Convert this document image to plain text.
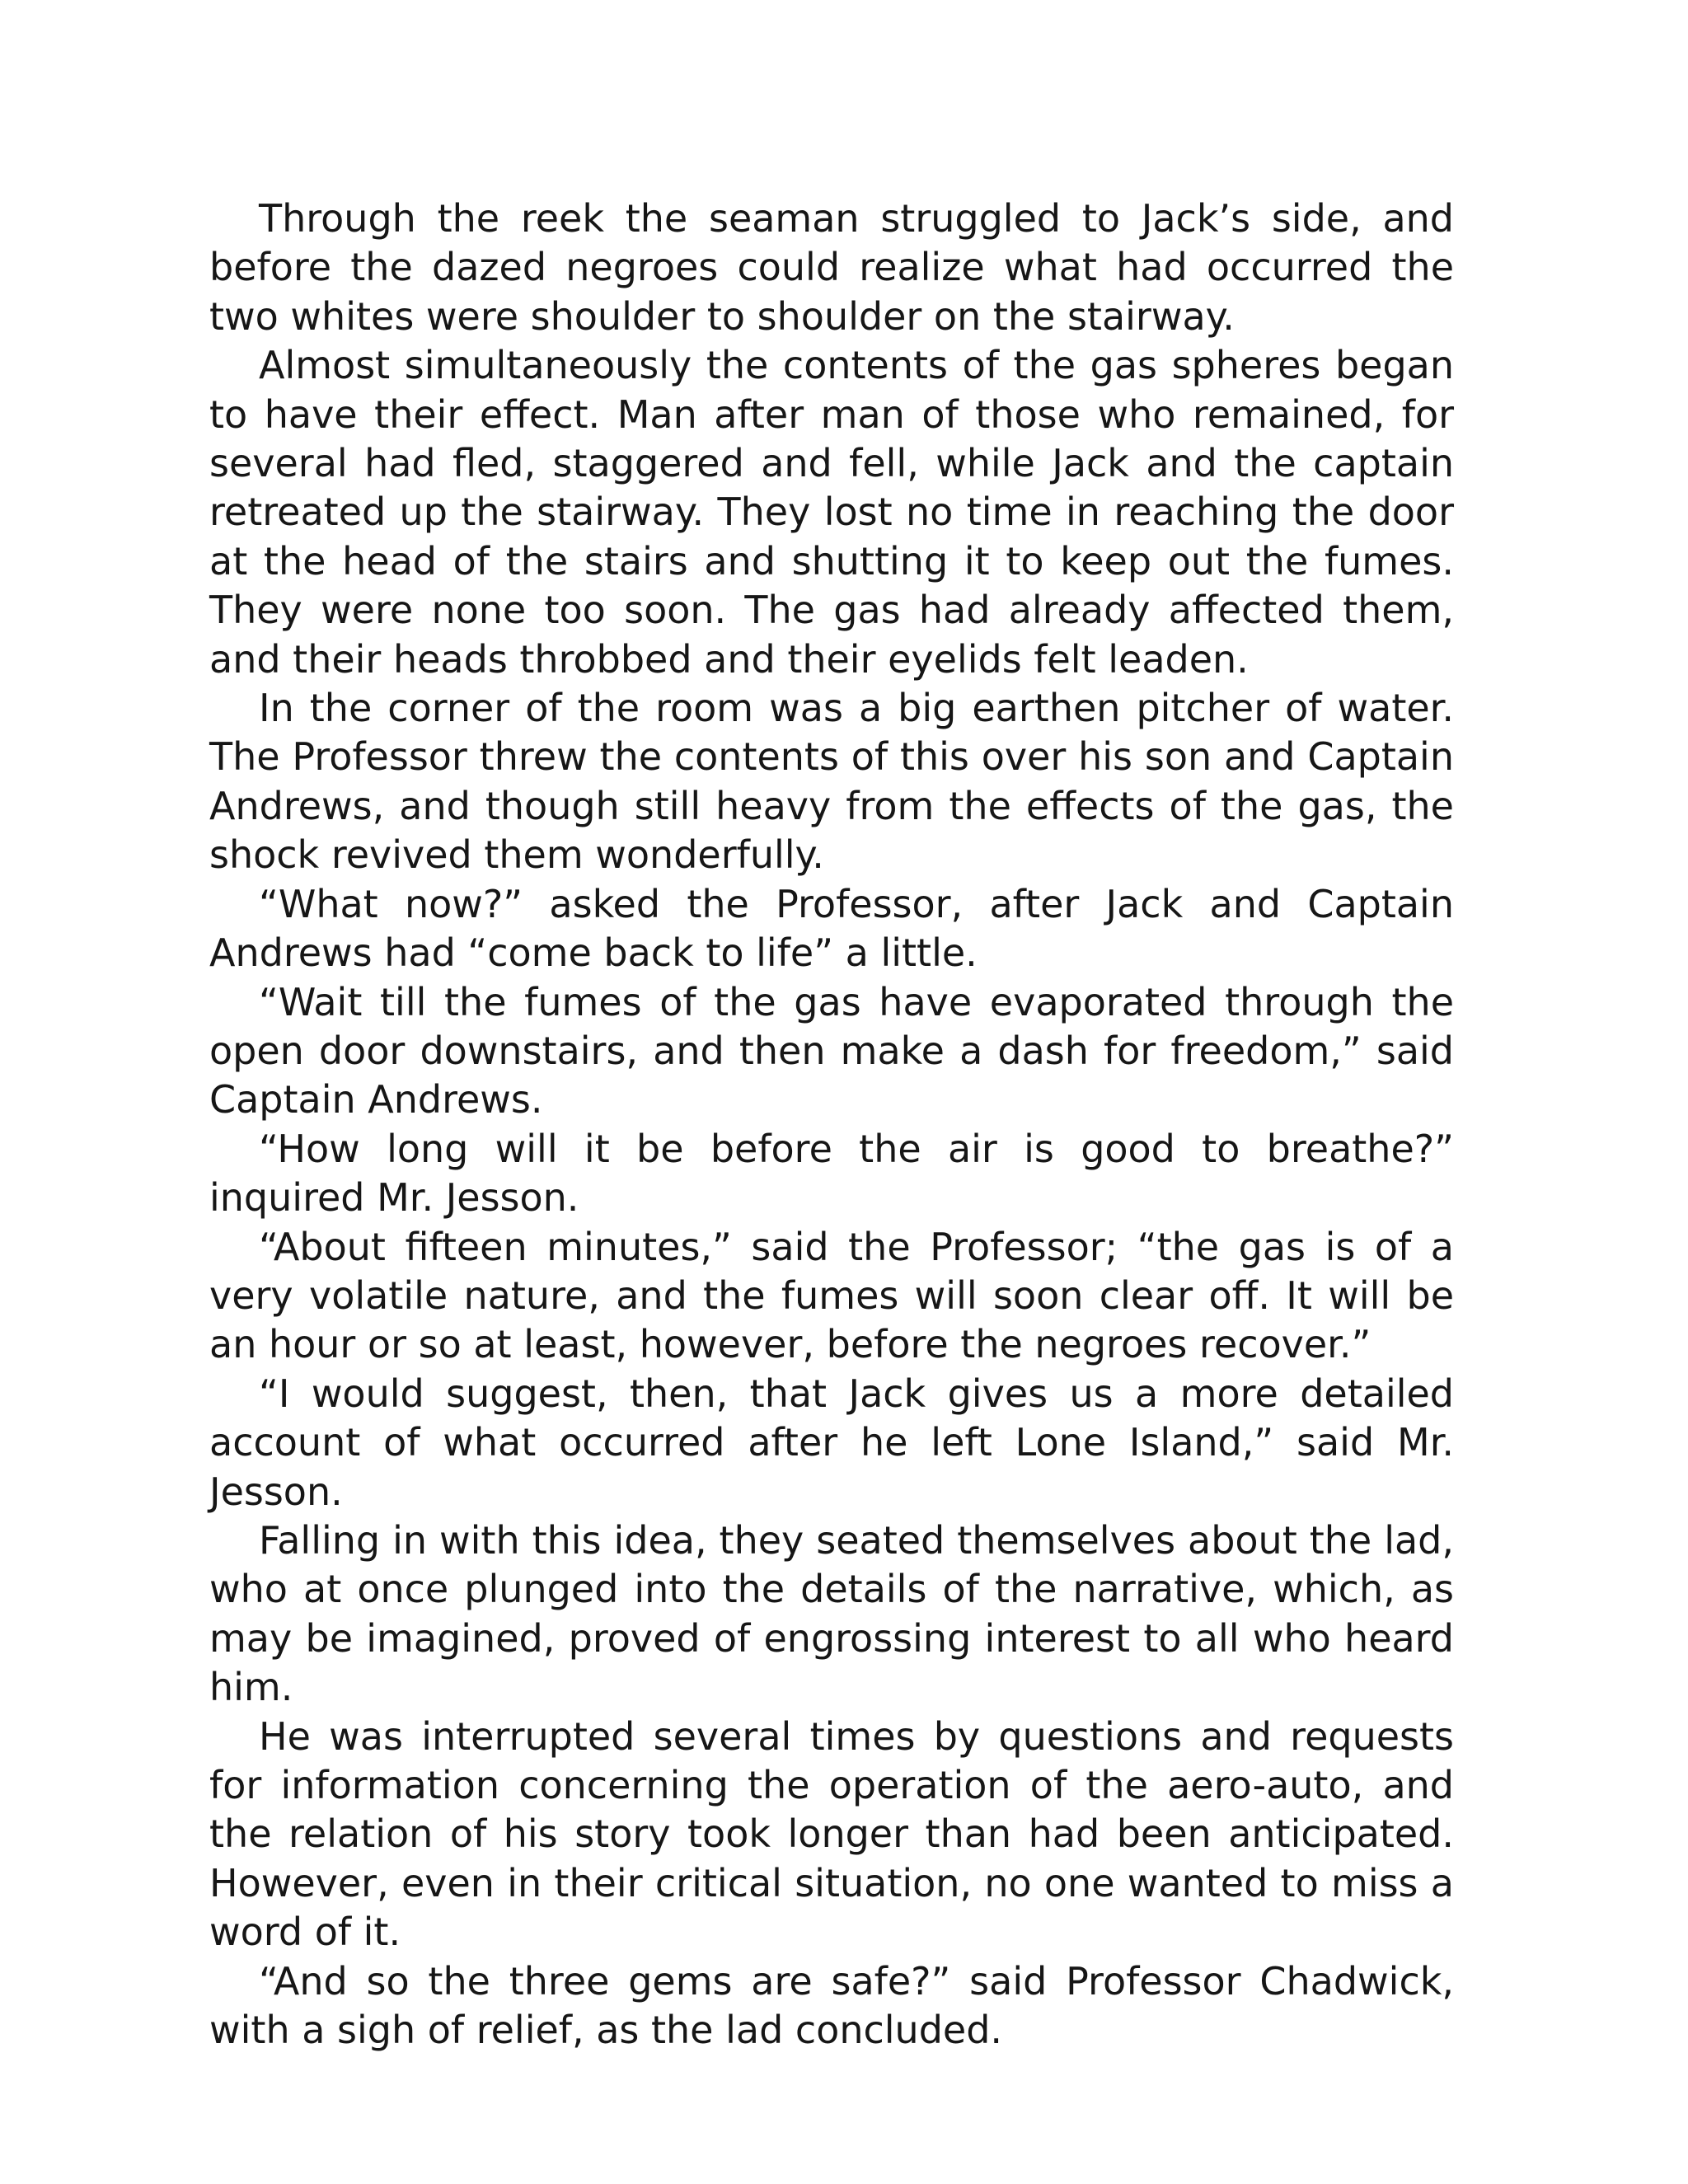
Through the reek the seaman struggled to Jack’s side, and before the dazed negroes could realize what had occurred the two whites were shoulder to shoulder on the stairway.

Almost simultaneously the contents of the gas spheres began to have their effect. Man after man of those who remained, for several had fled, staggered and fell, while Jack and the captain retreated up the stairway. They lost no time in reaching the door at the head of the stairs and shutting it to keep out the fumes. They were none too soon. The gas had already affected them, and their heads throbbed and their eyelids felt leaden.

In the corner of the room was a big earthen pitcher of water. The Professor threw the contents of this over his son and Captain Andrews, and though still heavy from the effects of the gas, the shock revived them wonderfully.

“What now?” asked the Professor, after Jack and Captain Andrews had “come back to life” a little.

“Wait till the fumes of the gas have evaporated through the open door downstairs, and then make a dash for freedom,” said Captain Andrews.

“How long will it be before the air is good to breathe?” inquired Mr. Jesson.

“About fifteen minutes,” said the Professor; “the gas is of a very volatile nature, and the fumes will soon clear off. It will be an hour or so at least, however, before the negroes recover.”

“I would suggest, then, that Jack gives us a more detailed account of what occurred after he left Lone Island,” said Mr. Jesson.

Falling in with this idea, they seated themselves about the lad, who at once plunged into the details of the narrative, which, as may be imagined, proved of engrossing interest to all who heard him.

He was interrupted several times by questions and requests for information concerning the operation of the aero-auto, and the relation of his story took longer than had been anticipated. However, even in their critical situation, no one wanted to miss a word of it.

“And so the three gems are safe?” said Professor Chadwick, with a sigh of relief, as the lad concluded.
